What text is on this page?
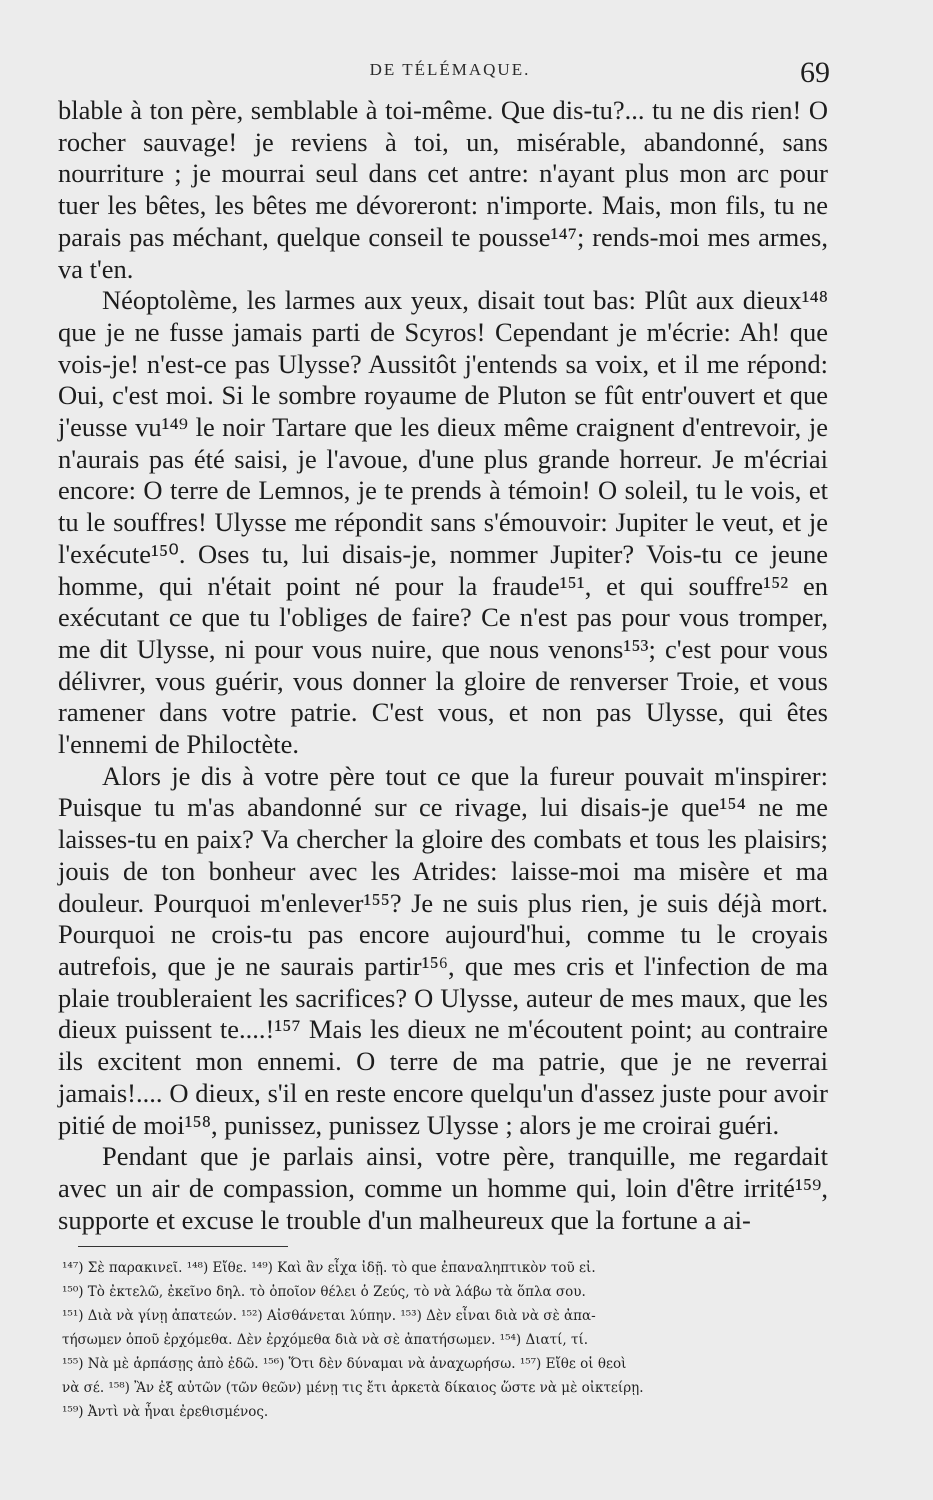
DE TÉLÉMAQUE.	69

blable à ton père, semblable à toi-même. Que dis-tu?... tu ne dis rien! O rocher sauvage! je reviens à toi, un, misérable, abandonné, sans nourriture ; je mourrai seul dans cet antre: n'ayant plus mon arc pour tuer les bêtes, les bêtes me dévoreront: n'importe. Mais, mon fils, tu ne parais pas méchant, quelque conseil te pousse¹⁴⁷; rends-moi mes armes, va t'en.

Néoptolème, les larmes aux yeux, disait tout bas: Plût aux dieux¹⁴⁸ que je ne fusse jamais parti de Scyros! Cependant je m'écrie: Ah! que vois-je! n'est-ce pas Ulysse? Aussitôt j'entends sa voix, et il me répond: Oui, c'est moi. Si le sombre royaume de Pluton se fût entr'ouvert et que j'eusse vu¹⁴⁹ le noir Tartare que les dieux même craignent d'entrevoir, je n'aurais pas été saisi, je l'avoue, d'une plus grande horreur. Je m'écriai encore: O terre de Lemnos, je te prends à témoin! O soleil, tu le vois, et tu le souffres! Ulysse me répondit sans s'émouvoir: Jupiter le veut, et je l'exécute¹⁵⁰. Oses tu, lui disais-je, nommer Jupiter? Vois-tu ce jeune homme, qui n'était point né pour la fraude¹⁵¹, et qui souffre¹⁵² en exécutant ce que tu l'obliges de faire? Ce n'est pas pour vous tromper, me dit Ulysse, ni pour vous nuire, que nous venons¹⁵³; c'est pour vous délivrer, vous guérir, vous donner la gloire de renverser Troie, et vous ramener dans votre patrie. C'est vous, et non pas Ulysse, qui êtes l'ennemi de Philoctète.

Alors je dis à votre père tout ce que la fureur pouvait m'inspirer: Puisque tu m'as abandonné sur ce rivage, lui disais-je que¹⁵⁴ ne me laisses-tu en paix? Va chercher la gloire des combats et tous les plaisirs; jouis de ton bonheur avec les Atrides: laisse-moi ma misère et ma douleur. Pourquoi m'enlever¹⁵⁵? Je ne suis plus rien, je suis déjà mort. Pourquoi ne crois-tu pas encore aujourd'hui, comme tu le croyais autrefois, que je ne saurais partir¹⁵⁶, que mes cris et l'infection de ma plaie troubleraient les sacrifices? O Ulysse, auteur de mes maux, que les dieux puissent te....!¹⁵⁷ Mais les dieux ne m'écoutent point; au contraire ils excitent mon ennemi. O terre de ma patrie, que je ne reverrai jamais!.... O dieux, s'il en reste encore quelqu'un d'assez juste pour avoir pitié de moi¹⁵⁸, punissez, punissez Ulysse ; alors je me croirai guéri.

Pendant que je parlais ainsi, votre père, tranquille, me regardait avec un air de compassion, comme un homme qui, loin d'être irrité¹⁵⁹, supporte et excuse le trouble d'un malheureux que la fortune a ai-

¹⁴⁷) Σὲ παρακινεῖ. ¹⁴⁸) Εἴθε. ¹⁴⁹) Καὶ ἂν εἶχα ἰδῇ. τὸ que ἐπαναληπτικὸν τοῦ εἰ.

¹⁵⁰) Τὸ ἐκτελῶ, ἐκεῖνο δηλ. τὸ ὁποῖον θέλει ὁ Ζεύς, τὸ νὰ λάβω τὰ ὅπλα σου.

¹⁵¹) Διὰ νὰ γίνῃ ἀπατεών. ¹⁵²) Αἰσθάνεται λύπην. ¹⁵³) Δὲν εἶναι διὰ νὰ σὲ ἀπα-

τήσωμεν ὁποῦ ἐρχόμεθα. Δὲν ἐρχόμεθα διὰ νὰ σὲ ἀπατήσωμεν. ¹⁵⁴) Διατί, τί.

¹⁵⁵) Νὰ μὲ ἁρπάσῃς ἀπὸ ἐδῶ. ¹⁵⁶) Ὅτι δὲν δύναμαι νὰ ἀναχωρήσω. ¹⁵⁷) Εἴθε οἱ θεοὶ

νὰ σέ. ¹⁵⁸) Ἂν ἐξ αὐτῶν (τῶν θεῶν) μένῃ τις ἔτι ἀρκετὰ δίκαιος ὥστε νὰ μὲ οἰκτείρῃ.

¹⁵⁹) Ἀντὶ νὰ ἦναι ἐρεθισμένος.
